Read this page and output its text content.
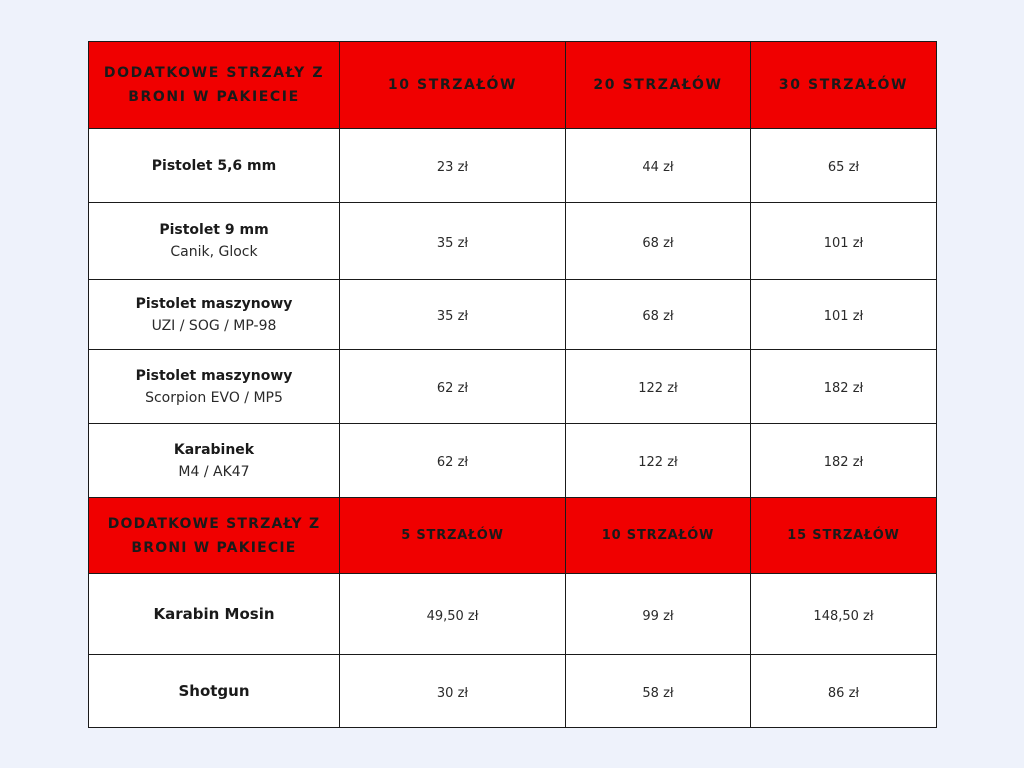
DODATKOWE STRZAŁY Z BRONI W PAKIECIE	10 STRZAŁÓW	20 STRZAŁÓW	30 STRZAŁÓW

Pistolet 5,6 mm	23 zł	44 zł	65 zł

Pistolet 9 mm
Canik, Glock	35 zł	68 zł	101 zł

Pistolet maszynowy
UZI / SOG / MP-98	35 zł	68 zł	101 zł

Pistolet maszynowy
Scorpion EVO / MP5	62 zł	122 zł	182 zł

Karabinek
M4 / AK47	62 zł	122 zł	182 zł
DODATKOWE STRZAŁY Z BRONI W PAKIECIE	5 STRZAŁÓW	10 STRZAŁÓW	15 STRZAŁÓW

Karabin Mosin	49,50 zł	99 zł	148,50 zł

Shotgun	30 zł	58 zł	86 zł
